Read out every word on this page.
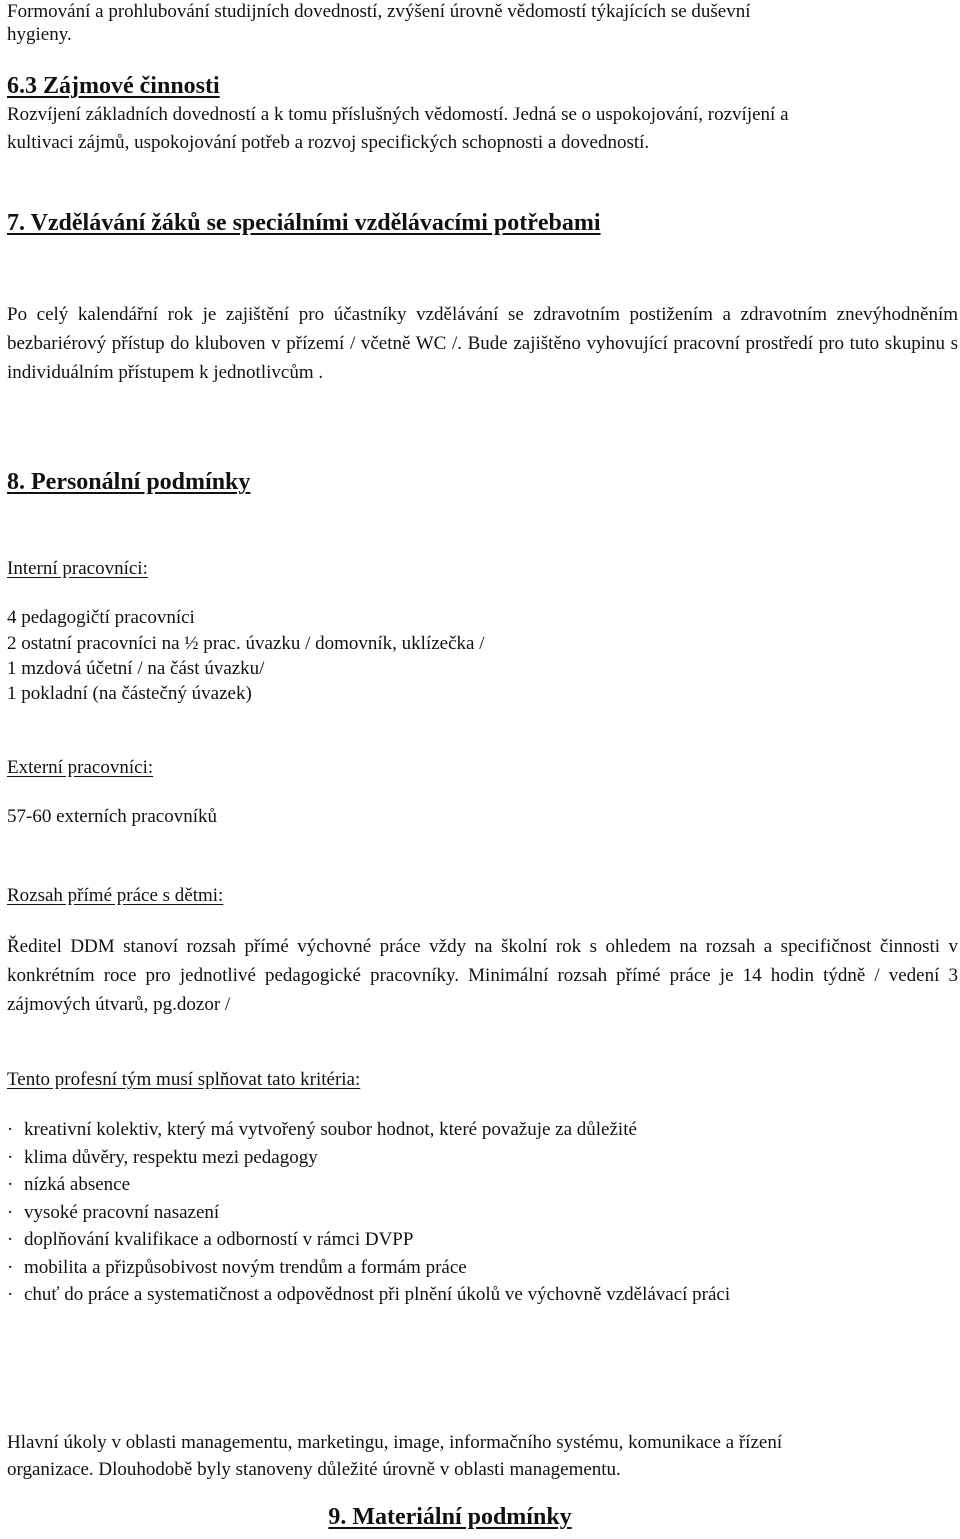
Formování a prohlubování studijních dovedností, zvýšení úrovně vědomostí týkajících se duševní
hygieny.
6.3 Zájmové činnosti
Rozvíjení základních dovedností a k tomu příslušných vědomostí. Jedná se o uspokojování, rozvíjení a
kultivaci zájmů, uspokojování potřeb a rozvoj specifických schopnosti a dovedností.
7. Vzdělávání žáků se speciálními vzdělávacími potřebami
Po celý kalendářní rok je zajištění pro účastníky vzdělávání se zdravotním postižením a zdravotním znevýhodněním bezbariérový přístup do kluboven v přízemí / včetně WC /. Bude zajištěno vyhovující pracovní prostředí pro tuto skupinu s individuálním přístupem k jednotlivcům .
8. Personální podmínky
Interní pracovníci:
4 pedagogičtí pracovníci
2 ostatní pracovníci na ½ prac. úvazku / domovník, uklízečka /
1 mzdová účetní / na část úvazku/
1 pokladní (na částečný úvazek)
Externí pracovníci:
57-60 externích pracovníků
Rozsah přímé práce s dětmi:
Ředitel DDM stanoví rozsah přímé výchovné práce vždy na školní rok s ohledem na rozsah a specifičnost činnosti v konkrétním roce pro jednotlivé pedagogické pracovníky. Minimální rozsah přímé práce je 14 hodin týdně / vedení 3 zájmových útvarů, pg.dozor /
Tento profesní tým musí splňovat tato kritéria:
· kreativní kolektiv, který má vytvořený soubor hodnot, které považuje za důležité
· klima důvěry, respektu mezi pedagogy
· nízká absence
· vysoké pracovní nasazení
· doplňování kvalifikace a odborností v rámci DVPP
· mobilita a přizpůsobivost novým trendům a formám práce
· chuť do práce a systematičnost a odpovědnost při plnění úkolů ve výchovně vzdělávací práci
Hlavní úkoly v oblasti managementu, marketingu, image, informačního systému, komunikace a řízení
organizace. Dlouhodobě byly stanoveny důležité úrovně v oblasti managementu.
9. Materiální podmínky
